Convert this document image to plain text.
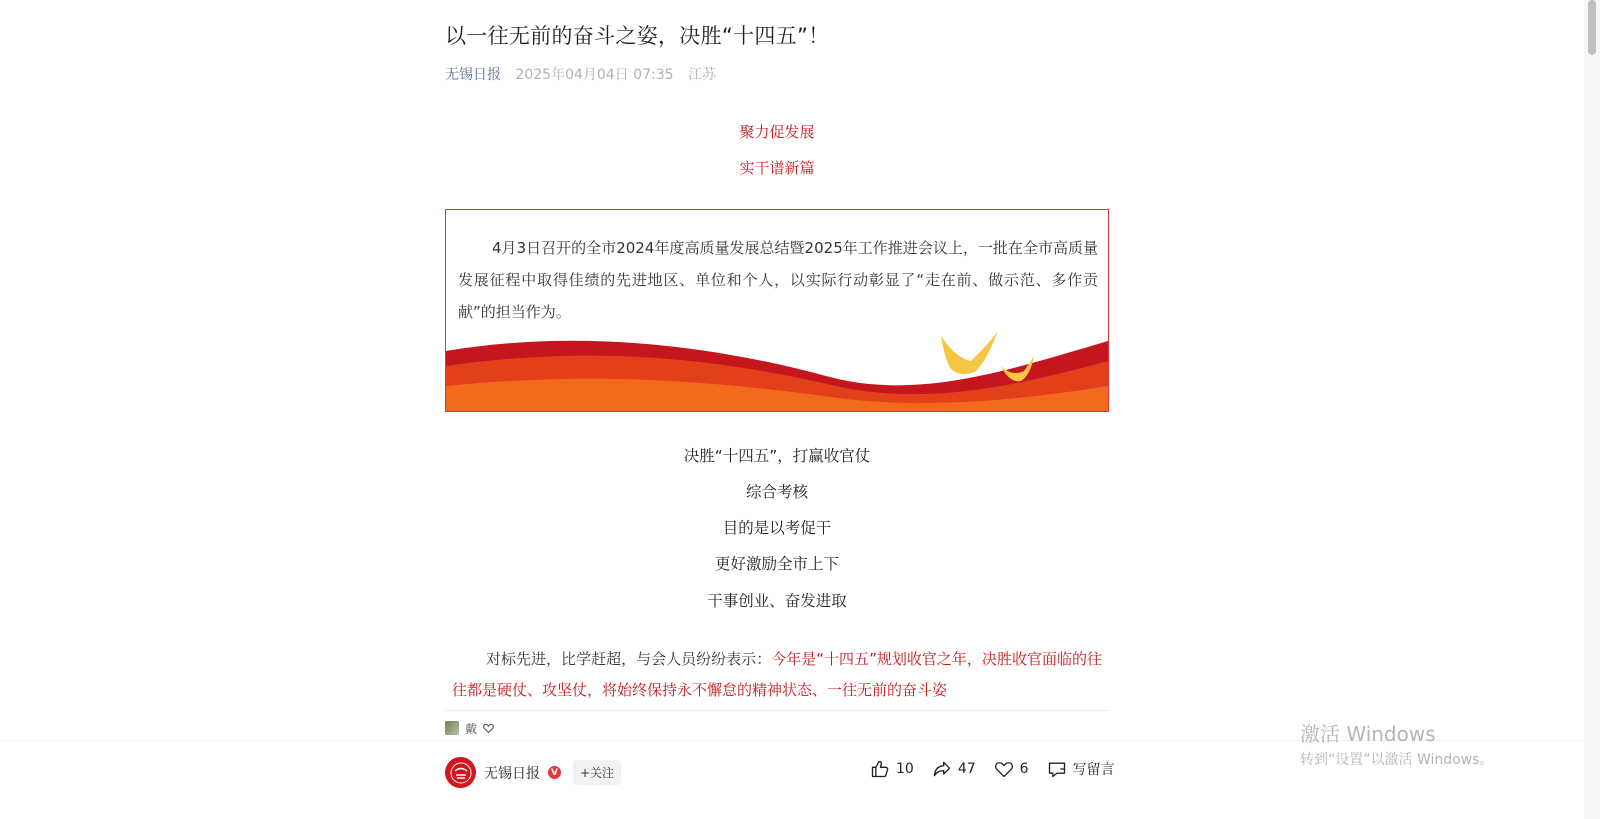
以一往无前的奋斗之姿，决胜“十四五”！
无锡日报 2025年04月04日 07:35 江苏
聚力促发展
实干谱新篇
4月3日召开的全市2024年度高质量发展总结暨2025年工作推进会议上，一批在全市高质量发展征程中取得佳绩的先进地区、单位和个人，以实际行动彰显了“走在前、做示范、多作贡献”的担当作为。
决胜“十四五”，打赢收官仗
综合考核
目的是以考促干
更好激励全市上下
干事创业、奋发进取
对标先进，比学赶超，与会人员纷纷表示：今年是“十四五”规划收官之年，决胜收官面临的往往都是硬仗、攻坚仗，将始终保持永不懈怠的精神状态、一往无前的奋斗姿
戴
无锡日报	V	+关注	10	47	6	写留言
激活 Windows
转到“设置”以激活 Windows。
